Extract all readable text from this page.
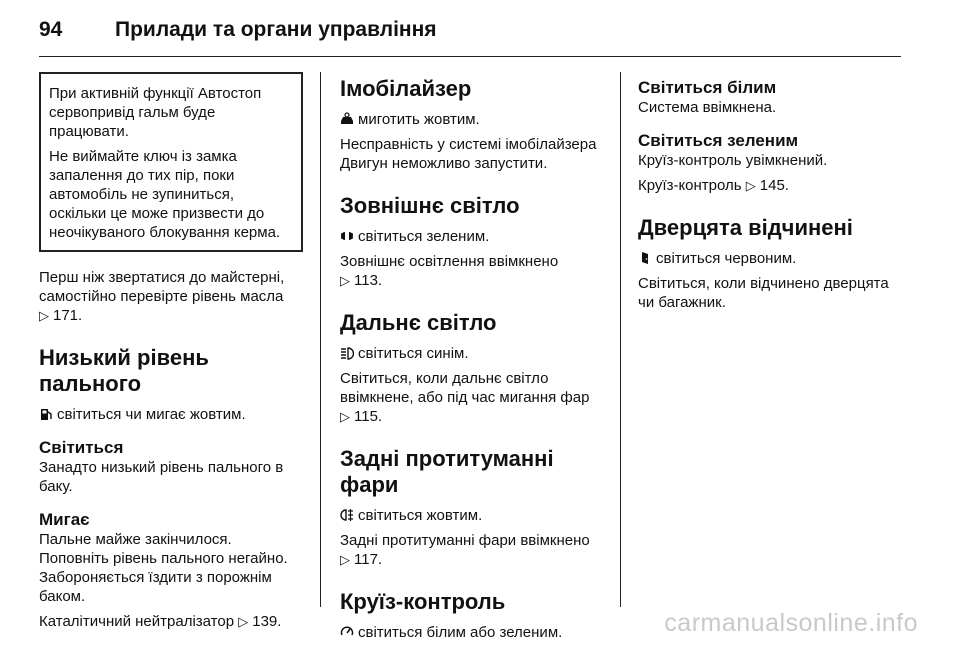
94	Прилади та органи управління

При активній функції Автостоп сервопривід гальм буде працювати.

Не виймайте ключ із замка запалення до тих пір, поки автомобіль не зупиниться, оскільки це може призвести до неочікуваного блокування керма.

Перш ніж звертатися до майстерні, самостійно перевірте рівень масла
▷ 171.

Низький рівень пального

світиться чи мигає жовтим.

Світиться

Занадто низький рівень пального в баку.

Мигає

Пальне майже закінчилося. Поповніть рівень пального негайно. Забороняється їздити з порожнім баком.

Каталітичний нейтралізатор ▷ 139.

Імобілайзер

миготить жовтим.

Несправність у системі імобілайзера Двигун неможливо запустити.

Зовнішнє світло

світиться зеленим.

Зовнішнє освітлення ввімкнено
▷ 113.

Дальнє світло

світиться синім.

Світиться, коли дальнє світло ввімкнене, або під час мигання фар
▷ 115.

Задні протитуманні фари

світиться жовтим.

Задні протитуманні фари ввімкнено ▷ 117.

Круїз-контроль

світиться білим або зеленим.

Світиться білим

Система ввімкнена.

Світиться зеленим

Круїз-контроль увімкнений.

Круїз-контроль ▷ 145.

Дверцята відчинені

світиться червоним.

Світиться, коли відчинено дверцята чи багажник.

carmanualsonline.info
